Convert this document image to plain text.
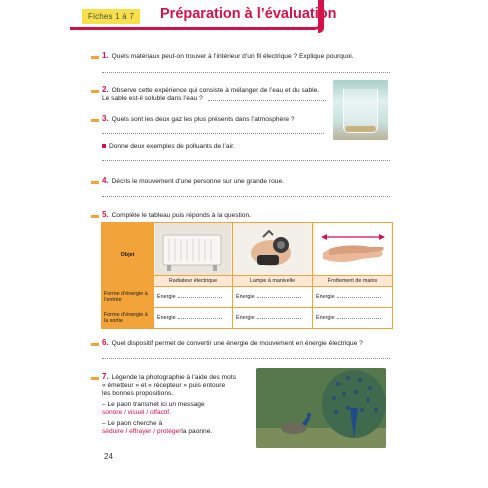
Fiches 1 à 7	Préparation à l’évaluation
1. Quels matériaux peut-on trouver à l’intérieur d’un fil électrique ? Explique pourquoi.
2. Observe cette expérience qui consiste à mélanger de l’eau et du sable.
Le sable est-il soluble dans l’eau ?
3. Quels sont les deux gaz les plus présents dans l’atmosphère ?
Donne deux exemples de polluants de l’air.
4. Décris le mouvement d’une personne sur une grande roue.
5. Complète le tableau puis réponds à la question.
Objet	

	Radiateur électrique	Lampe à manivelle	Frottement de mains
Forme d’énergie à l’entrée	Énergie	Énergie	Énergie
Forme d’énergie à la sortie	Énergie	Énergie	Énergie
6. Quel dispositif permet de convertir une énergie de mouvement en énergie électrique ?
7. Légende la photographie à l’aide des mots
« émetteur » et « récepteur » puis entoure
les bonnes propositions.
– Le paon transmet ici un message
sonore / visuel / olfactif.
– Le paon cherche à
séduire / effrayer / protéger la paonne.
24
